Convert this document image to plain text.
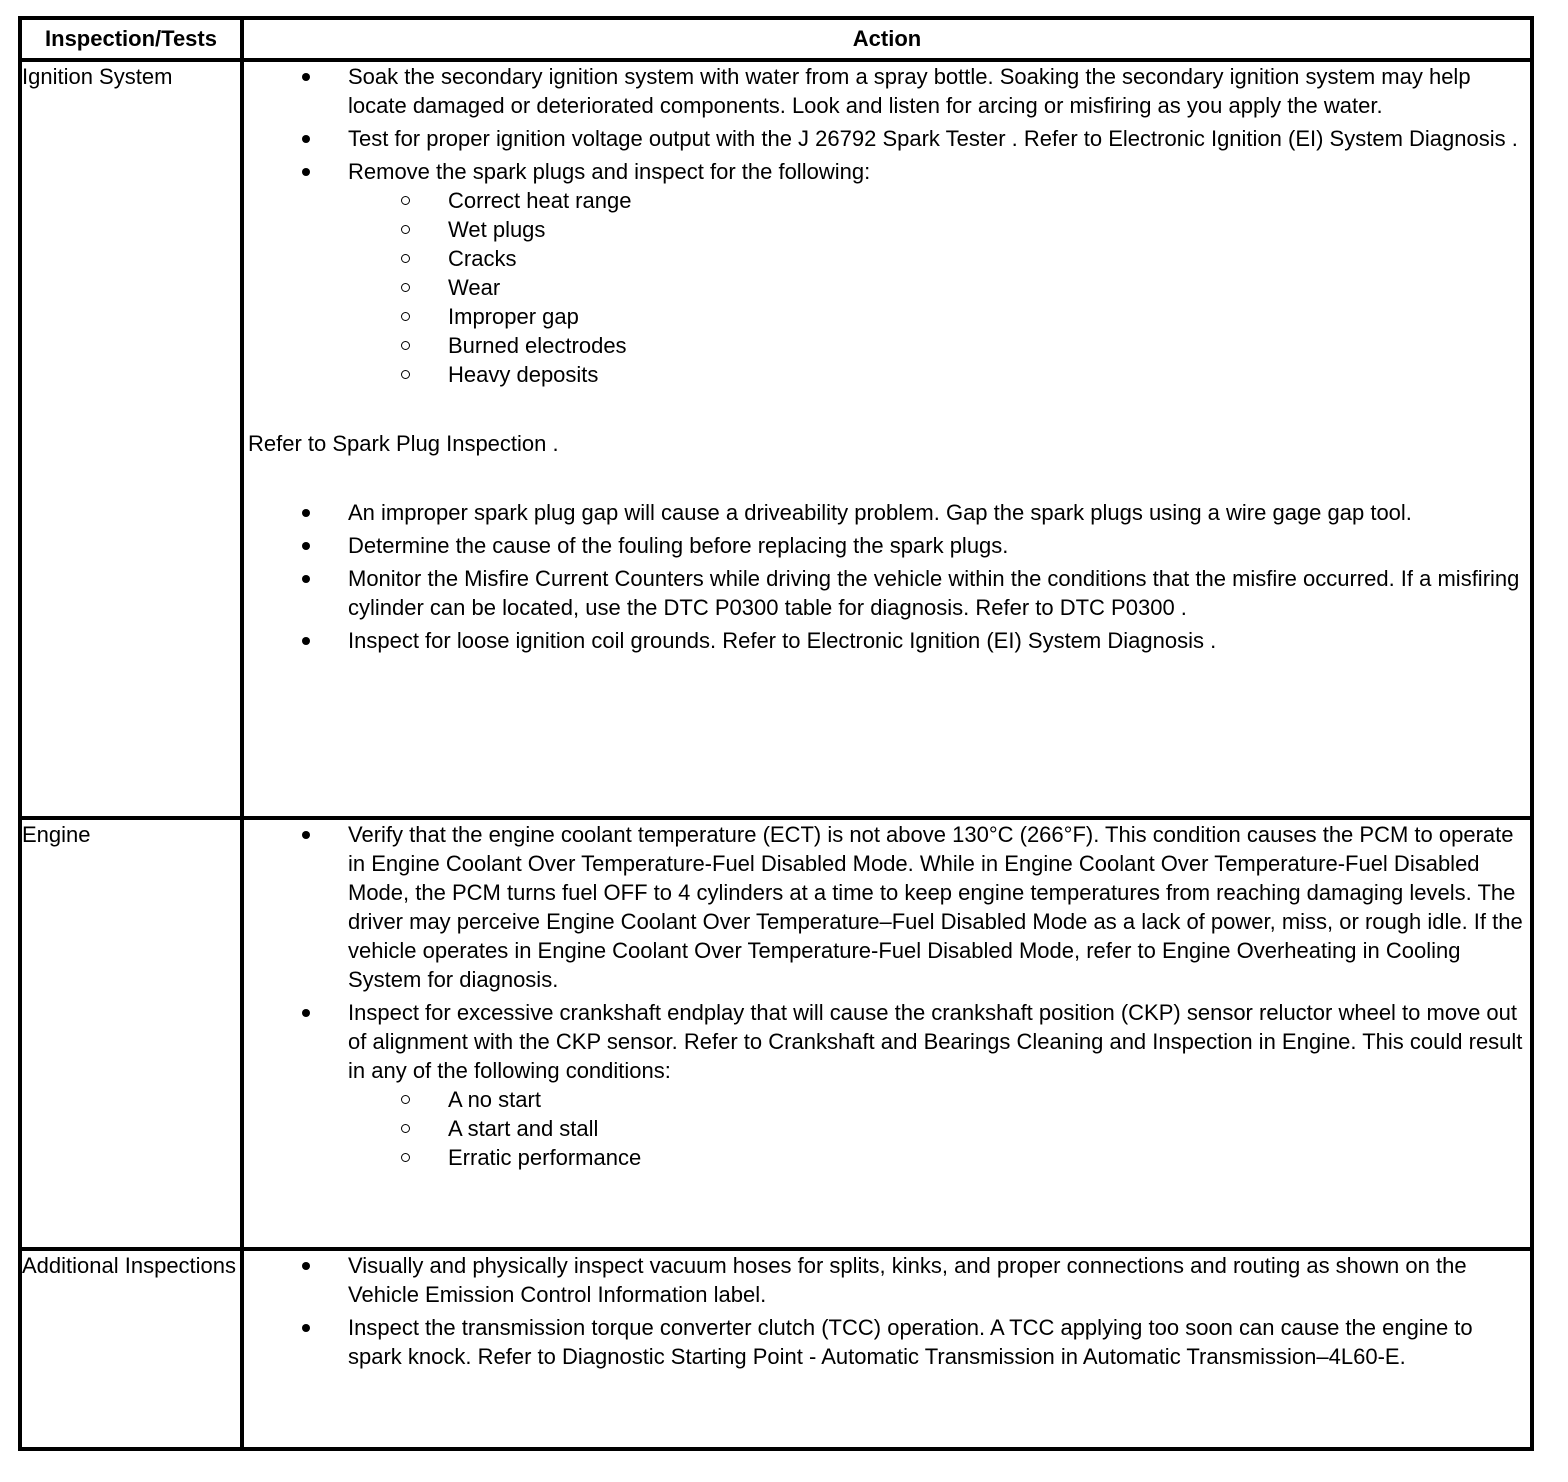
Inspection/Tests	Action
Ignition System	Soak the secondary ignition system with water from a spray bottle. Soaking the secondary ignition system may help locate damaged or deteriorated components. Look and listen for arcing or misfiring as you apply the water.
Test for proper ignition voltage output with the J 26792 Spark Tester . Refer to Electronic Ignition (EI) System Diagnosis .
Remove the spark plugs and inspect for the following:
Correct heat range
Wet plugs
Cracks
Wear
Improper gap
Burned electrodes
Heavy deposits
Refer to Spark Plug Inspection .
An improper spark plug gap will cause a driveability problem. Gap the spark plugs using a wire gage gap tool.
Determine the cause of the fouling before replacing the spark plugs.
Monitor the Misfire Current Counters while driving the vehicle within the conditions that the misfire occurred. If a misfiring cylinder can be located, use the DTC P0300 table for diagnosis. Refer to DTC P0300 .
Inspect for loose ignition coil grounds. Refer to Electronic Ignition (EI) System Diagnosis .

Engine	Verify that the engine coolant temperature (ECT) is not above 130°C (266°F). This condition causes the PCM to operate in Engine Coolant Over Temperature-Fuel Disabled Mode. While in Engine Coolant Over Temperature-Fuel Disabled Mode, the PCM turns fuel OFF to 4 cylinders at a time to keep engine temperatures from reaching damaging levels. The driver may perceive Engine Coolant Over Temperature–Fuel Disabled Mode as a lack of power, miss, or rough idle. If the vehicle operates in Engine Coolant Over Temperature-Fuel Disabled Mode, refer to Engine Overheating in Cooling System for diagnosis.
Inspect for excessive crankshaft endplay that will cause the crankshaft position (CKP) sensor reluctor wheel to move out of alignment with the CKP sensor. Refer to Crankshaft and Bearings Cleaning and Inspection in Engine. This could result in any of the following conditions:
A no start
A start and stall
Erratic performance

Additional Inspections	Visually and physically inspect vacuum hoses for splits, kinks, and proper connections and routing as shown on the Vehicle Emission Control Information label.
Inspect the transmission torque converter clutch (TCC) operation. A TCC applying too soon can cause the engine to spark knock. Refer to Diagnostic Starting Point - Automatic Transmission in Automatic Transmission–4L60-E.
